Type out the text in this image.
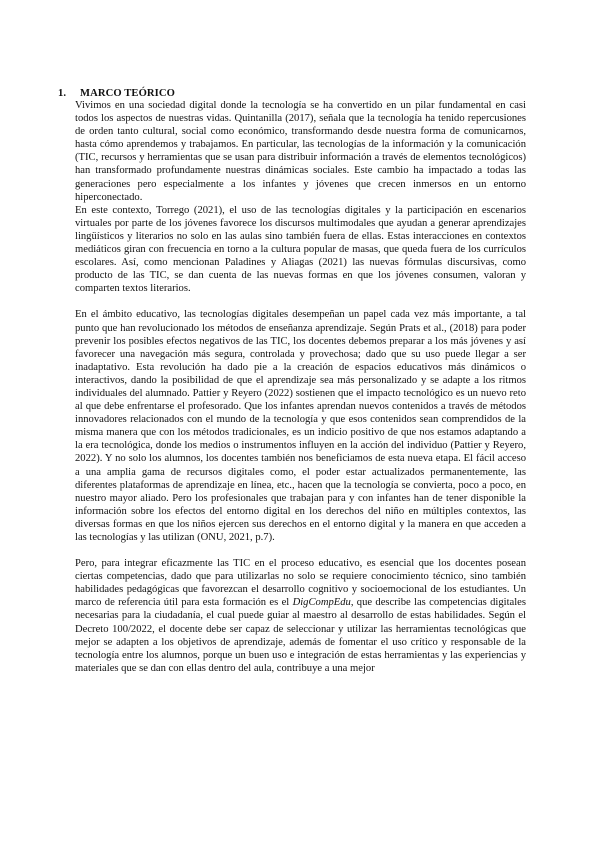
1. MARCO TEÓRICO

Vivimos en una sociedad digital donde la tecnología se ha convertido en un pilar fundamental en casi todos los aspectos de nuestras vidas. Quintanilla (2017), señala que la tecnología ha tenido repercusiones de orden tanto cultural, social como económico, transformando desde nuestra forma de comunicarnos, hasta cómo aprendemos y trabajamos. En particular, las tecnologías de la información y la comunicación (TIC, recursos y herramientas que se usan para distribuir información a través de elementos tecnológicos) han transformado profundamente nuestras dinámicas sociales. Este cambio ha impactado a todas las generaciones pero especialmente a los infantes y jóvenes que crecen inmersos en un entorno hiperconectado.

En este contexto, Torrego (2021), el uso de las tecnologías digitales y la participación en escenarios virtuales por parte de los jóvenes favorece los discursos multimodales que ayudan a generar aprendizajes lingüísticos y literarios no solo en las aulas sino también fuera de ellas. Estas interacciones en contextos mediáticos giran con frecuencia en torno a la cultura popular de masas, que queda fuera de los currículos escolares. Así, como mencionan Paladines y Aliagas (2021) las nuevas fórmulas discursivas, como producto de las TIC, se dan cuenta de las nuevas formas en que los jóvenes consumen, valoran y comparten textos literarios.

En el ámbito educativo, las tecnologías digitales desempeñan un papel cada vez más importante, a tal punto que han revolucionado los métodos de enseñanza aprendizaje. Según Prats et al., (2018) para poder prevenir los posibles efectos negativos de las TIC, los docentes debemos preparar a los más jóvenes y así favorecer una navegación más segura, controlada y provechosa; dado que su uso puede llegar a ser inadaptativo. Esta revolución ha dado pie a la creación de espacios educativos más dinámicos o interactivos, dando la posibilidad de que el aprendizaje sea más personalizado y se adapte a los ritmos individuales del alumnado. Pattier y Reyero (2022) sostienen que el impacto tecnológico es un nuevo reto al que debe enfrentarse el profesorado. Que los infantes aprendan nuevos contenidos a través de métodos innovadores relacionados con el mundo de la tecnología y que esos contenidos sean comprendidos de la misma manera que con los métodos tradicionales, es un indicio positivo de que nos estamos adaptando a la era tecnológica, donde los medios o instrumentos influyen en la acción del individuo (Pattier y Reyero, 2022). Y no solo los alumnos, los docentes también nos beneficiamos de esta nueva etapa. El fácil acceso a una amplia gama de recursos digitales como, el poder estar actualizados permanentemente, las diferentes plataformas de aprendizaje en línea, etc., hacen que la tecnología se convierta, poco a poco, en nuestro mayor aliado. Pero los profesionales que trabajan para y con infantes han de tener disponible la información sobre los efectos del entorno digital en los derechos del niño en múltiples contextos, las diversas formas en que los niños ejercen sus derechos en el entorno digital y la manera en que acceden a las tecnologías y las utilizan (ONU, 2021, p.7).

Pero, para integrar eficazmente las TIC en el proceso educativo, es esencial que los docentes posean ciertas competencias, dado que para utilizarlas no solo se requiere conocimiento técnico, sino también habilidades pedagógicas que favorezcan el desarrollo cognitivo y socioemocional de los estudiantes. Un marco de referencia útil para esta formación es el DigCompEdu, que describe las competencias digitales necesarias para la ciudadanía, el cual puede guiar al maestro al desarrollo de estas habilidades. Según el Decreto 100/2022, el docente debe ser capaz de seleccionar y utilizar las herramientas tecnológicas que mejor se adapten a los objetivos de aprendizaje, además de fomentar el uso crítico y responsable de la tecnología entre los alumnos, porque un buen uso e integración de estas herramientas y las experiencias y materiales que se dan con ellas dentro del aula, contribuye a una mejor
